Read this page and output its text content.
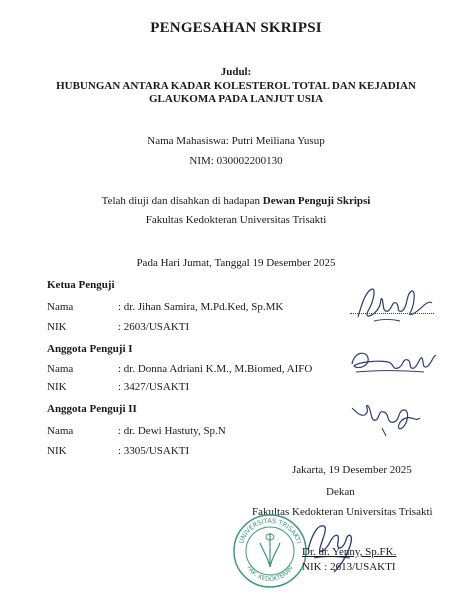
PENGESAHAN SKRIPSI
Judul:
HUBUNGAN ANTARA KADAR KOLESTEROL TOTAL DAN KEJADIAN
GLAUKOMA PADA LANJUT USIA
Nama Mahasiswa: Putri Meiliana Yusup
NIM: 030002200130
Telah diuji dan disahkan di hadapan Dewan Penguji Skripsi
Fakultas Kedokteran Universitas Trisakti
Pada Hari Jumat, Tanggal 19 Desember 2025
Ketua Penguji
Nama	: dr. Jihan Samira, M.Pd.Ked, Sp.MK
NIK	: 2603/USAKTI
Anggota Penguji I
Nama	: dr. Donna Adriani K.M., M.Biomed, AIFO
NIK	: 3427/USAKTI
Anggota Penguji II
Nama	: dr. Dewi Hastuty, Sp.N
NIK	: 3305/USAKTI
Jakarta, 19 Desember 2025
Dekan
Fakultas Kedokteran Universitas Trisakti
UNIVERSITAS TRISAKTI
FAK. KEDOKTERAN
Dr. dr. Yenny, Sp.FK.
NIK : 2613/USAKTI
